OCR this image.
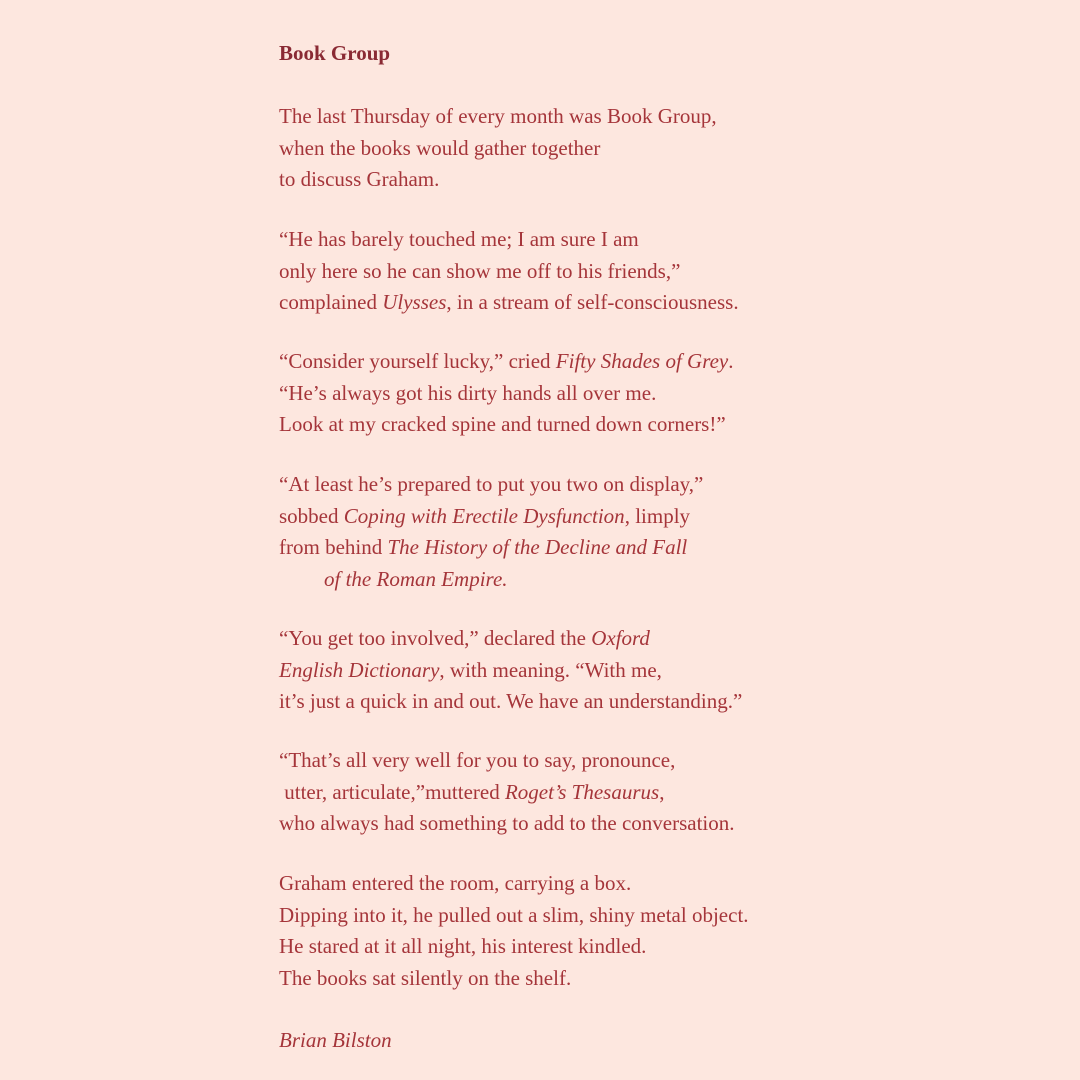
Book Group

The last Thursday of every month was Book Group,
when the books would gather together
to discuss Graham.

“He has barely touched me; I am sure I am
only here so he can show me off to his friends,”
complained Ulysses, in a stream of self-consciousness.

“Consider yourself lucky,” cried Fifty Shades of Grey.
“He’s always got his dirty hands all over me.
Look at my cracked spine and turned down corners!”

“At least he’s prepared to put you two on display,”
sobbed Coping with Erectile Dysfunction, limply
from behind The History of the Decline and Fall
of the Roman Empire.

“You get too involved,” declared the Oxford
English Dictionary, with meaning. “With me,
it’s just a quick in and out. We have an understanding.”

“That’s all very well for you to say, pronounce,
utter, articulate,”muttered Roget’s Thesaurus,
who always had something to add to the conversation.

Graham entered the room, carrying a box.
Dipping into it, he pulled out a slim, shiny metal object.
He stared at it all night, his interest kindled.
The books sat silently on the shelf.

Brian Bilston
